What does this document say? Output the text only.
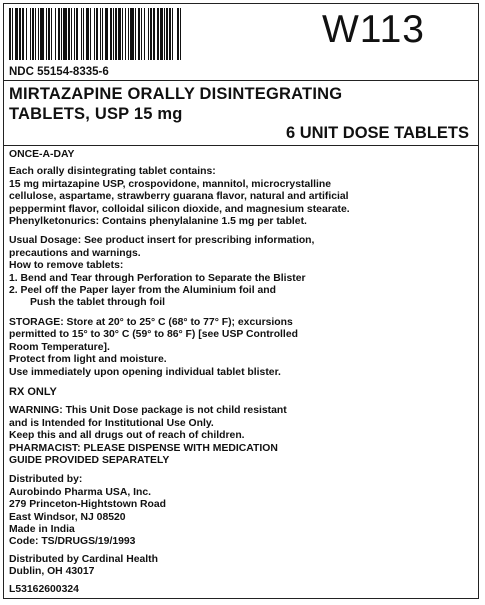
W113
NDC 55154-8335-6
MIRTAZAPINE ORALLY DISINTEGRATING
TABLETS, USP 15 mg
6 UNIT DOSE TABLETS

ONCE-A-DAY

Each orally disintegrating tablet contains:

15 mg mirtazapine USP, crospovidone, mannitol, microcrystalline

cellulose, aspartame, strawberry guarana flavor, natural and artificial

peppermint flavor, colloidal silicon dioxide, and magnesium stearate.

Phenylketonurics: Contains phenylalanine 1.5 mg per tablet.

Usual Dosage: See product insert for prescribing information,

precautions and warnings.

How to remove tablets:

1. Bend and Tear through Perforation to Separate the Blister

2. Peel off the Paper layer from the Aluminium foil and

Push the tablet through foil

STORAGE: Store at 20° to 25° C (68° to 77° F); excursions

permitted to 15° to 30° C (59° to 86° F) [see USP Controlled

Room Temperature].

Protect from light and moisture.

Use immediately upon opening individual tablet blister.

RX ONLY

WARNING: This Unit Dose package is not child resistant

and is Intended for Institutional Use Only.

Keep this and all drugs out of reach of children.

PHARMACIST: PLEASE DISPENSE WITH MEDICATION

GUIDE PROVIDED SEPARATELY

Distributed by:

Aurobindo Pharma USA, Inc.

279 Princeton-Hightstown Road

East Windsor, NJ 08520

Made in India

Code: TS/DRUGS/19/1993

Distributed by Cardinal Health

Dublin, OH 43017

L53162600324
